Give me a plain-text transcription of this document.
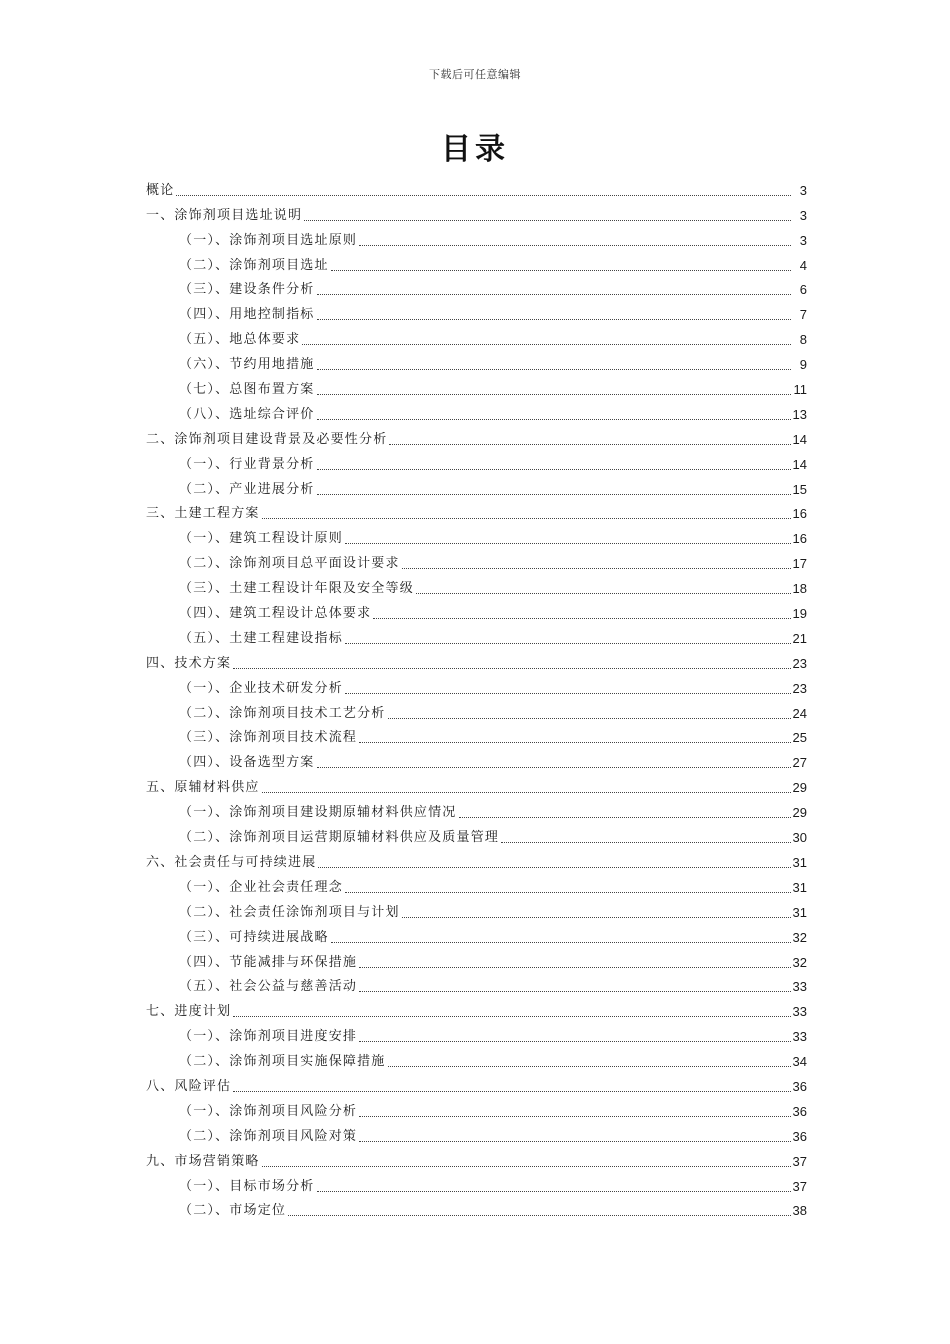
下载后可任意编辑
目录
概论	3
一、涂饰剂项目选址说明	3
（一）、涂饰剂项目选址原则	3
（二）、涂饰剂项目选址	4
（三）、建设条件分析	6
（四）、用地控制指标	7
（五）、地总体要求	8
（六）、节约用地措施	9
（七）、总图布置方案	11
（八）、选址综合评价	13
二、涂饰剂项目建设背景及必要性分析	14
（一）、行业背景分析	14
（二）、产业进展分析	15
三、土建工程方案	16
（一）、建筑工程设计原则	16
（二）、涂饰剂项目总平面设计要求	17
（三）、土建工程设计年限及安全等级	18
（四）、建筑工程设计总体要求	19
（五）、土建工程建设指标	21
四、技术方案	23
（一）、企业技术研发分析	23
（二）、涂饰剂项目技术工艺分析	24
（三）、涂饰剂项目技术流程	25
（四）、设备选型方案	27
五、原辅材料供应	29
（一）、涂饰剂项目建设期原辅材料供应情况	29
（二）、涂饰剂项目运营期原辅材料供应及质量管理	30
六、社会责任与可持续进展	31
（一）、企业社会责任理念	31
（二）、社会责任涂饰剂项目与计划	31
（三）、可持续进展战略	32
（四）、节能减排与环保措施	32
（五）、社会公益与慈善活动	33
七、进度计划	33
（一）、涂饰剂项目进度安排	33
（二）、涂饰剂项目实施保障措施	34
八、风险评估	36
（一）、涂饰剂项目风险分析	36
（二）、涂饰剂项目风险对策	36
九、市场营销策略	37
（一）、目标市场分析	37
（二）、市场定位	38
